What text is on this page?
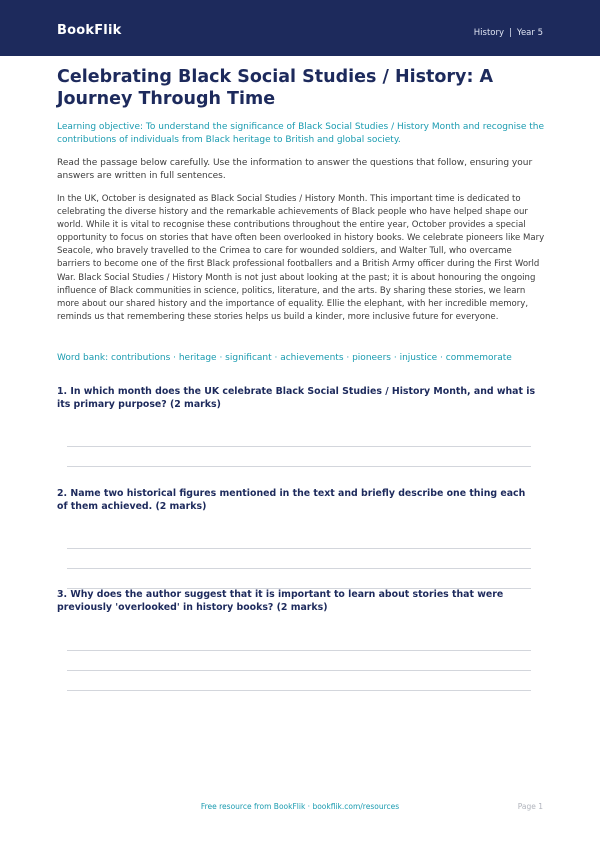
BookFlik	History | Year 5
Celebrating Black Social Studies / History: A Journey Through Time
Learning objective: To understand the significance of Black Social Studies / History Month and recognise the contributions of individuals from Black heritage to British and global society.
Read the passage below carefully. Use the information to answer the questions that follow, ensuring your answers are written in full sentences.
In the UK, October is designated as Black Social Studies / History Month. This important time is dedicated to celebrating the diverse history and the remarkable achievements of Black people who have helped shape our world. While it is vital to recognise these contributions throughout the entire year, October provides a special opportunity to focus on stories that have often been overlooked in history books. We celebrate pioneers like Mary Seacole, who bravely travelled to the Crimea to care for wounded soldiers, and Walter Tull, who overcame barriers to become one of the first Black professional footballers and a British Army officer during the First World War. Black Social Studies / History Month is not just about looking at the past; it is about honouring the ongoing influence of Black communities in science, politics, literature, and the arts. By sharing these stories, we learn more about our shared history and the importance of equality. Ellie the elephant, with her incredible memory, reminds us that remembering these stories helps us build a kinder, more inclusive future for everyone.
Word bank: contributions · heritage · significant · achievements · pioneers · injustice · commemorate
1. In which month does the UK celebrate Black Social Studies / History Month, and what is its primary purpose? (2 marks)
2. Name two historical figures mentioned in the text and briefly describe one thing each of them achieved. (2 marks)
3. Why does the author suggest that it is important to learn about stories that were previously 'overlooked' in history books? (2 marks)
Free resource from BookFlik · bookflik.com/resources	Page 1
